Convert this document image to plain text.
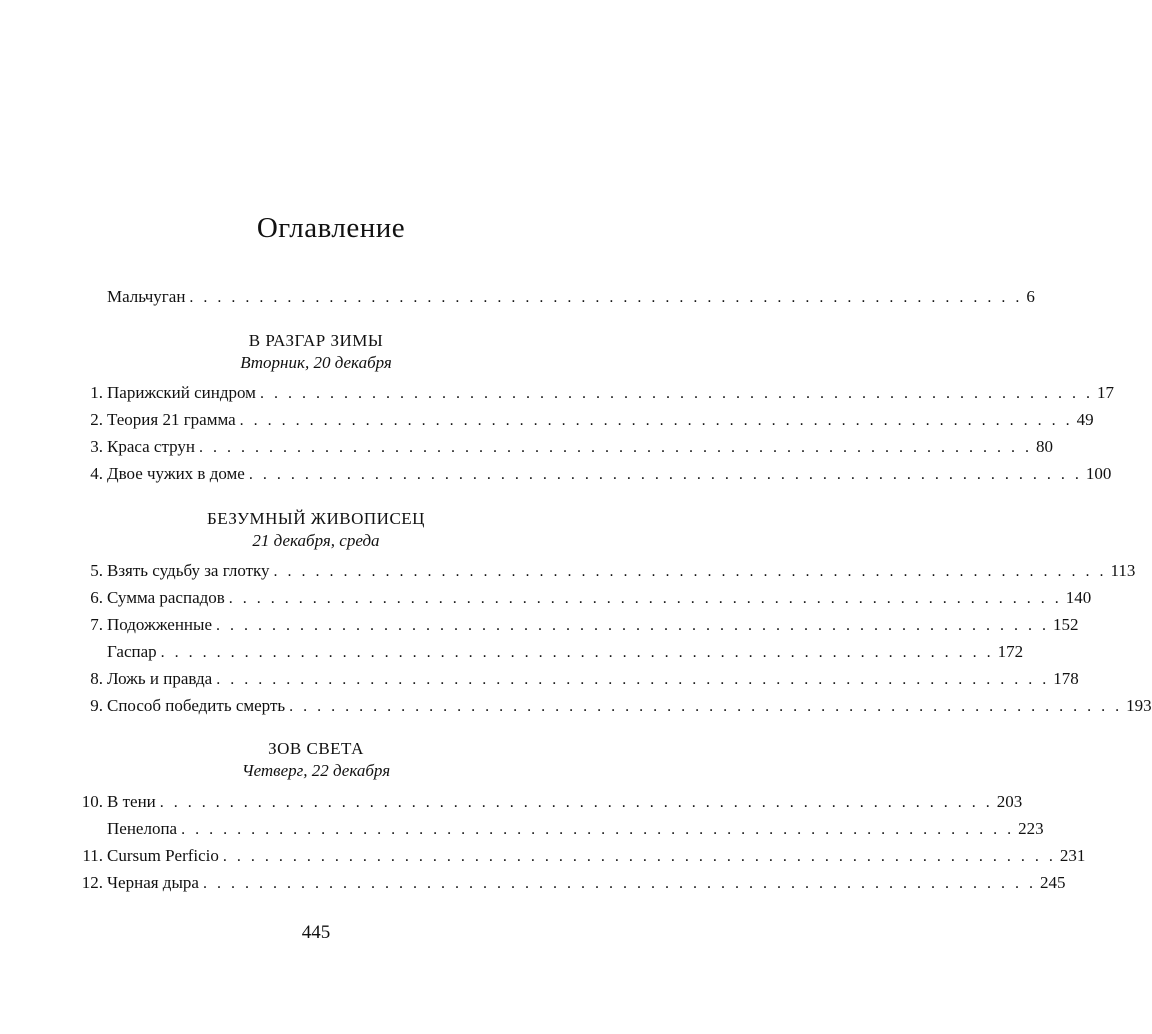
Оглавление
Мальчуган . . . . . . . . . . . . . . . . . . . . . . . . . . . . . . . . . . . . . . . . . . . . . . . . . . . . . . . . . . . . 6
В РАЗГАР ЗИМЫ
Вторник, 20 декабря
1. Парижский синдром . . . . . . . . . . . . . . . . . . . . . . . . . . . . . . . . . . . . . . . . . . . . . . . . . . . . . . . . . . . . 17
2. Теория 21 грамма . . . . . . . . . . . . . . . . . . . . . . . . . . . . . . . . . . . . . . . . . . . . . . . . . . . . . . . . . . . . 49
3. Краса струн . . . . . . . . . . . . . . . . . . . . . . . . . . . . . . . . . . . . . . . . . . . . . . . . . . . . . . . . . . . . 80
4. Двое чужих в доме . . . . . . . . . . . . . . . . . . . . . . . . . . . . . . . . . . . . . . . . . . . . . . . . . . . . . . . . . . . . 100
БЕЗУМНЫЙ ЖИВОПИСЕЦ
21 декабря, среда
5. Взять судьбу за глотку . . . . . . . . . . . . . . . . . . . . . . . . . . . . . . . . . . . . . . . . . . . . . . . . . . . . . . . . . . . . 113
6. Сумма распадов . . . . . . . . . . . . . . . . . . . . . . . . . . . . . . . . . . . . . . . . . . . . . . . . . . . . . . . . . . . . 140
7. Подожженные . . . . . . . . . . . . . . . . . . . . . . . . . . . . . . . . . . . . . . . . . . . . . . . . . . . . . . . . . . . . 152
Гаспар . . . . . . . . . . . . . . . . . . . . . . . . . . . . . . . . . . . . . . . . . . . . . . . . . . . . . . . . . . . . 172
8. Ложь и правда . . . . . . . . . . . . . . . . . . . . . . . . . . . . . . . . . . . . . . . . . . . . . . . . . . . . . . . . . . . . 178
9. Способ победить смерть . . . . . . . . . . . . . . . . . . . . . . . . . . . . . . . . . . . . . . . . . . . . . . . . . . . . . . . . . . . . 193
ЗОВ СВЕТА
Четверг, 22 декабря
10. В тени . . . . . . . . . . . . . . . . . . . . . . . . . . . . . . . . . . . . . . . . . . . . . . . . . . . . . . . . . . . . 203
Пенелопа . . . . . . . . . . . . . . . . . . . . . . . . . . . . . . . . . . . . . . . . . . . . . . . . . . . . . . . . . . . . 223
11. Cursum Perficio . . . . . . . . . . . . . . . . . . . . . . . . . . . . . . . . . . . . . . . . . . . . . . . . . . . . . . . . . . . . 231
12. Черная дыра . . . . . . . . . . . . . . . . . . . . . . . . . . . . . . . . . . . . . . . . . . . . . . . . . . . . . . . . . . . . 245
445
